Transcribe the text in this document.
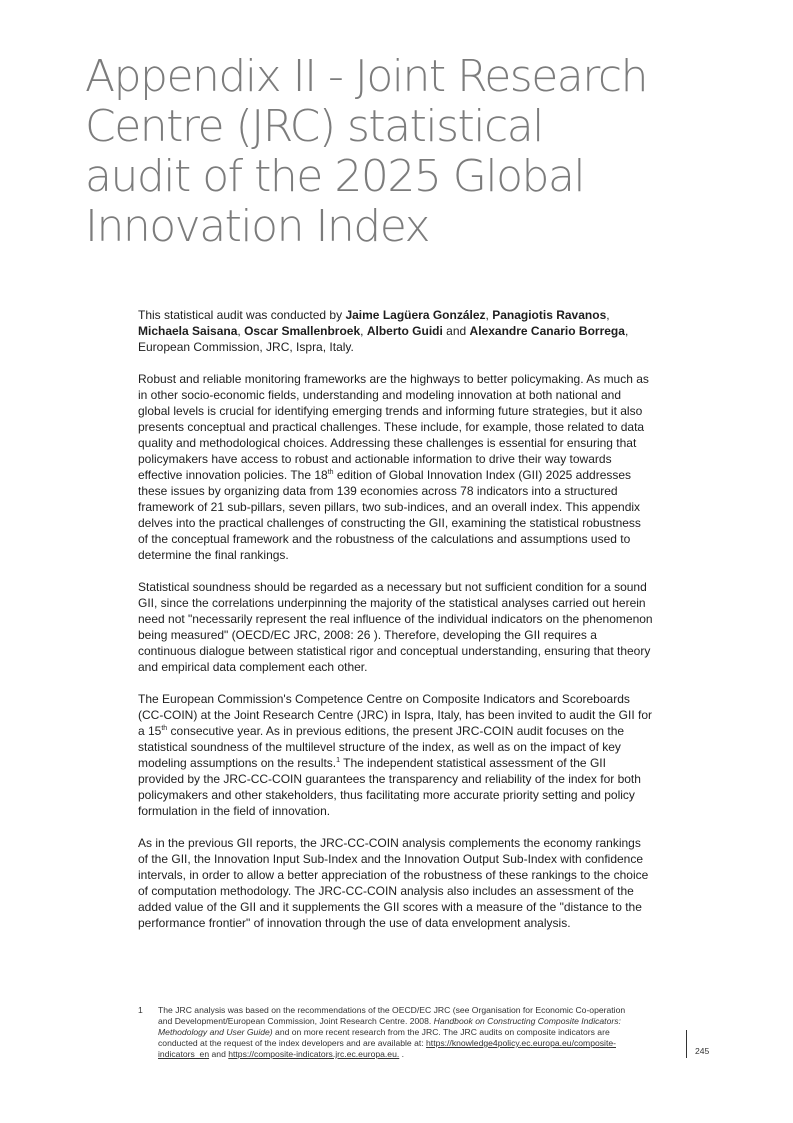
Appendix II - Joint Research
Centre (JRC) statistical
audit of the 2025 Global
Innovation Index

This statistical audit was conducted by Jaime Lagüera González, Panagiotis Ravanos, Michaela Saisana, Oscar Smallenbroek, Alberto Guidi and Alexandre Canario Borrega, European Commission, JRC, Ispra, Italy.

Robust and reliable monitoring frameworks are the highways to better policymaking. As much as in other socio-economic fields, understanding and modeling innovation at both national and global levels is crucial for identifying emerging trends and informing future strategies, but it also presents conceptual and practical challenges. These include, for example, those related to data quality and methodological choices. Addressing these challenges is essential for ensuring that policymakers have access to robust and actionable information to drive their way towards effective innovation policies. The 18th edition of Global Innovation Index (GII) 2025 addresses these issues by organizing data from 139 economies across 78 indicators into a structured framework of 21 sub-pillars, seven pillars, two sub-indices, and an overall index. This appendix delves into the practical challenges of constructing the GII, examining the statistical robustness of the conceptual framework and the robustness of the calculations and assumptions used to determine the final rankings.

Statistical soundness should be regarded as a necessary but not sufficient condition for a sound GII, since the correlations underpinning the majority of the statistical analyses carried out herein need not "necessarily represent the real influence of the individual indicators on the phenomenon being measured" (OECD/EC JRC, 2008: 26 ). Therefore, developing the GII requires a continuous dialogue between statistical rigor and conceptual understanding, ensuring that theory and empirical data complement each other.

The European Commission's Competence Centre on Composite Indicators and Scoreboards (CC-COIN) at the Joint Research Centre (JRC) in Ispra, Italy, has been invited to audit the GII for a 15th consecutive year. As in previous editions, the present JRC-COIN audit focuses on the statistical soundness of the multilevel structure of the index, as well as on the impact of key modeling assumptions on the results.$^1$ The independent statistical assessment of the GII provided by the JRC-CC-COIN guarantees the transparency and reliability of the index for both policymakers and other stakeholders, thus facilitating more accurate priority setting and policy formulation in the field of innovation.

As in the previous GII reports, the JRC-CC-COIN analysis complements the economy rankings of the GII, the Innovation Input Sub-Index and the Innovation Output Sub-Index with confidence intervals, in order to allow a better appreciation of the robustness of these rankings to the choice of computation methodology. The JRC-CC-COIN analysis also includes an assessment of the added value of the GII and it supplements the GII scores with a measure of the "distance to the performance frontier" of innovation through the use of data envelopment analysis.

1 The JRC analysis was based on the recommendations of the OECD/EC JRC (see Organisation for Economic Co-operation and Development/European Commission, Joint Research Centre. 2008. Handbook on Constructing Composite Indicators: Methodology and User Guide) and on more recent research from the JRC. The JRC audits on composite indicators are conducted at the request of the index developers and are available at: https://knowledge4policy.ec.europa.eu/composite-indicators_en and https://composite-indicators.jrc.ec.europa.eu. .	245
